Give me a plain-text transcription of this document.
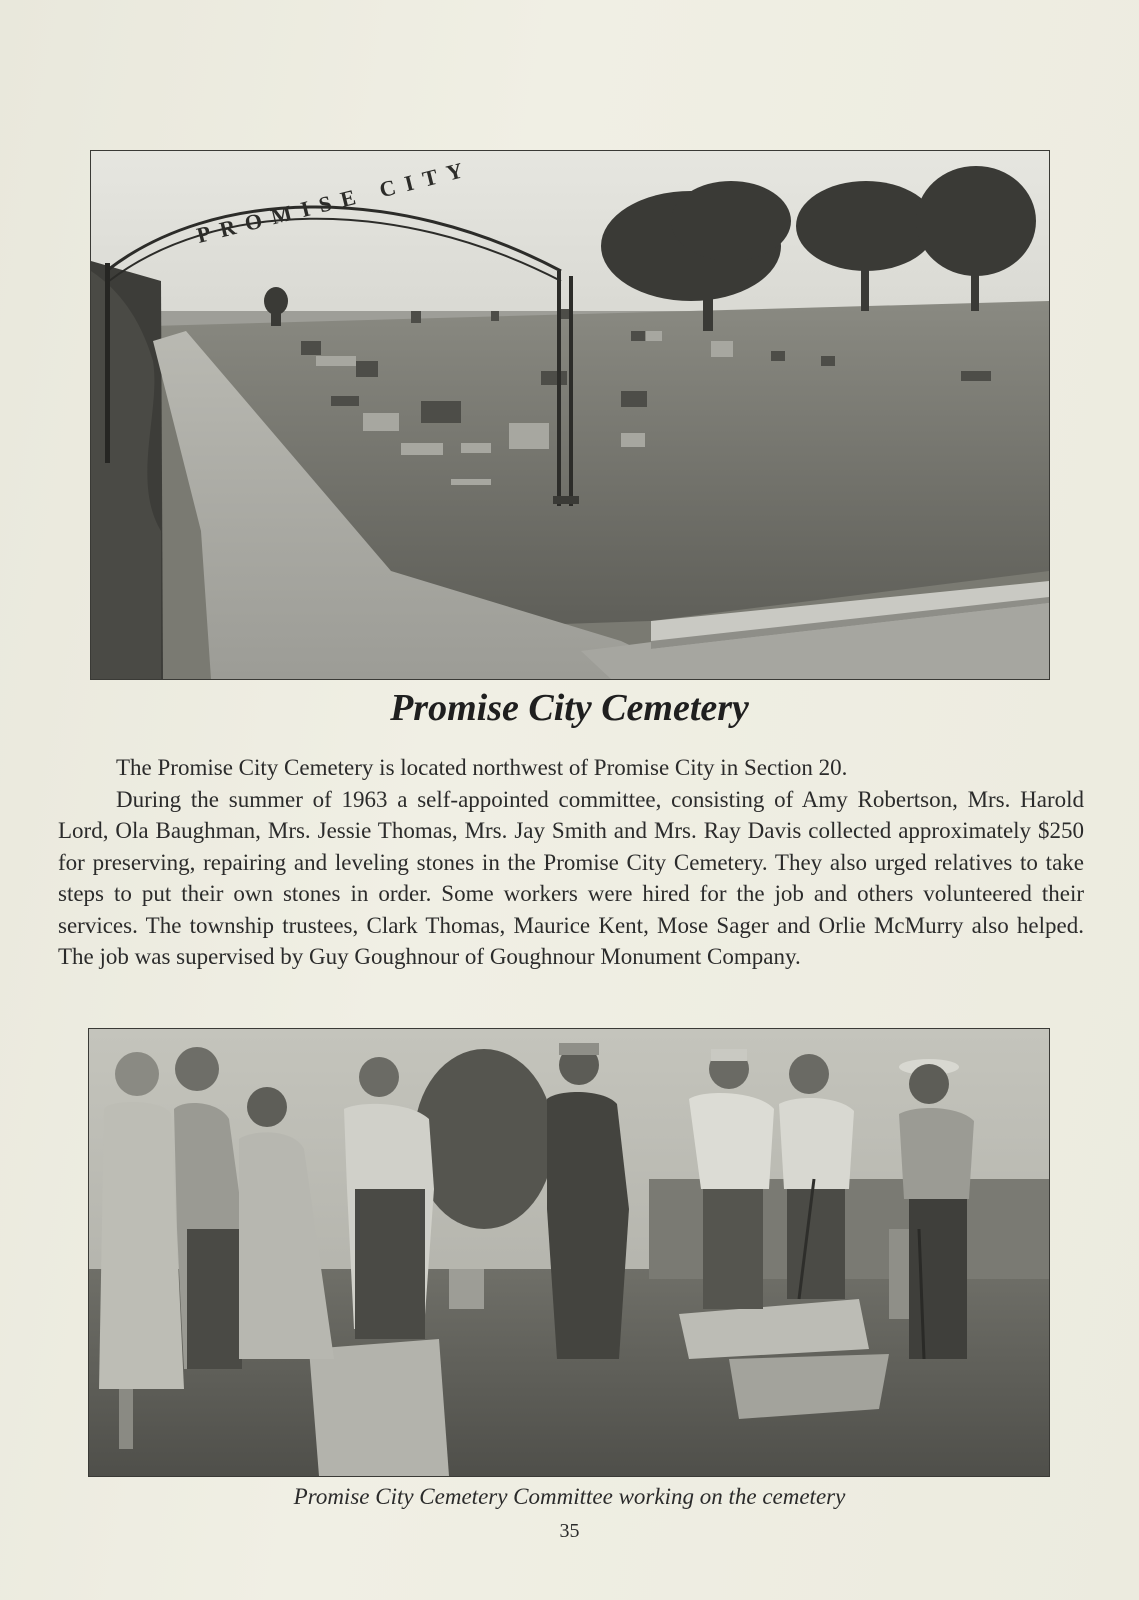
PROMISE CITY
Promise City Cemetery

The Promise City Cemetery is located northwest of Promise City in Section 20.

During the summer of 1963 a self-appointed committee, consisting of Amy Robertson, Mrs. Harold Lord, Ola Baughman, Mrs. Jessie Thomas, Mrs. Jay Smith and Mrs. Ray Davis collected approximately $250 for preserving, repairing and leveling stones in the Promise City Cemetery. They also urged relatives to take steps to put their own stones in order. Some workers were hired for the job and others volunteered their services. The township trustees, Clark Thomas, Maurice Kent, Mose Sager and Orlie McMurry also helped. The job was supervised by Guy Goughnour of Goughnour Monument Company.

Promise City Cemetery Committee working on the cemetery
35
